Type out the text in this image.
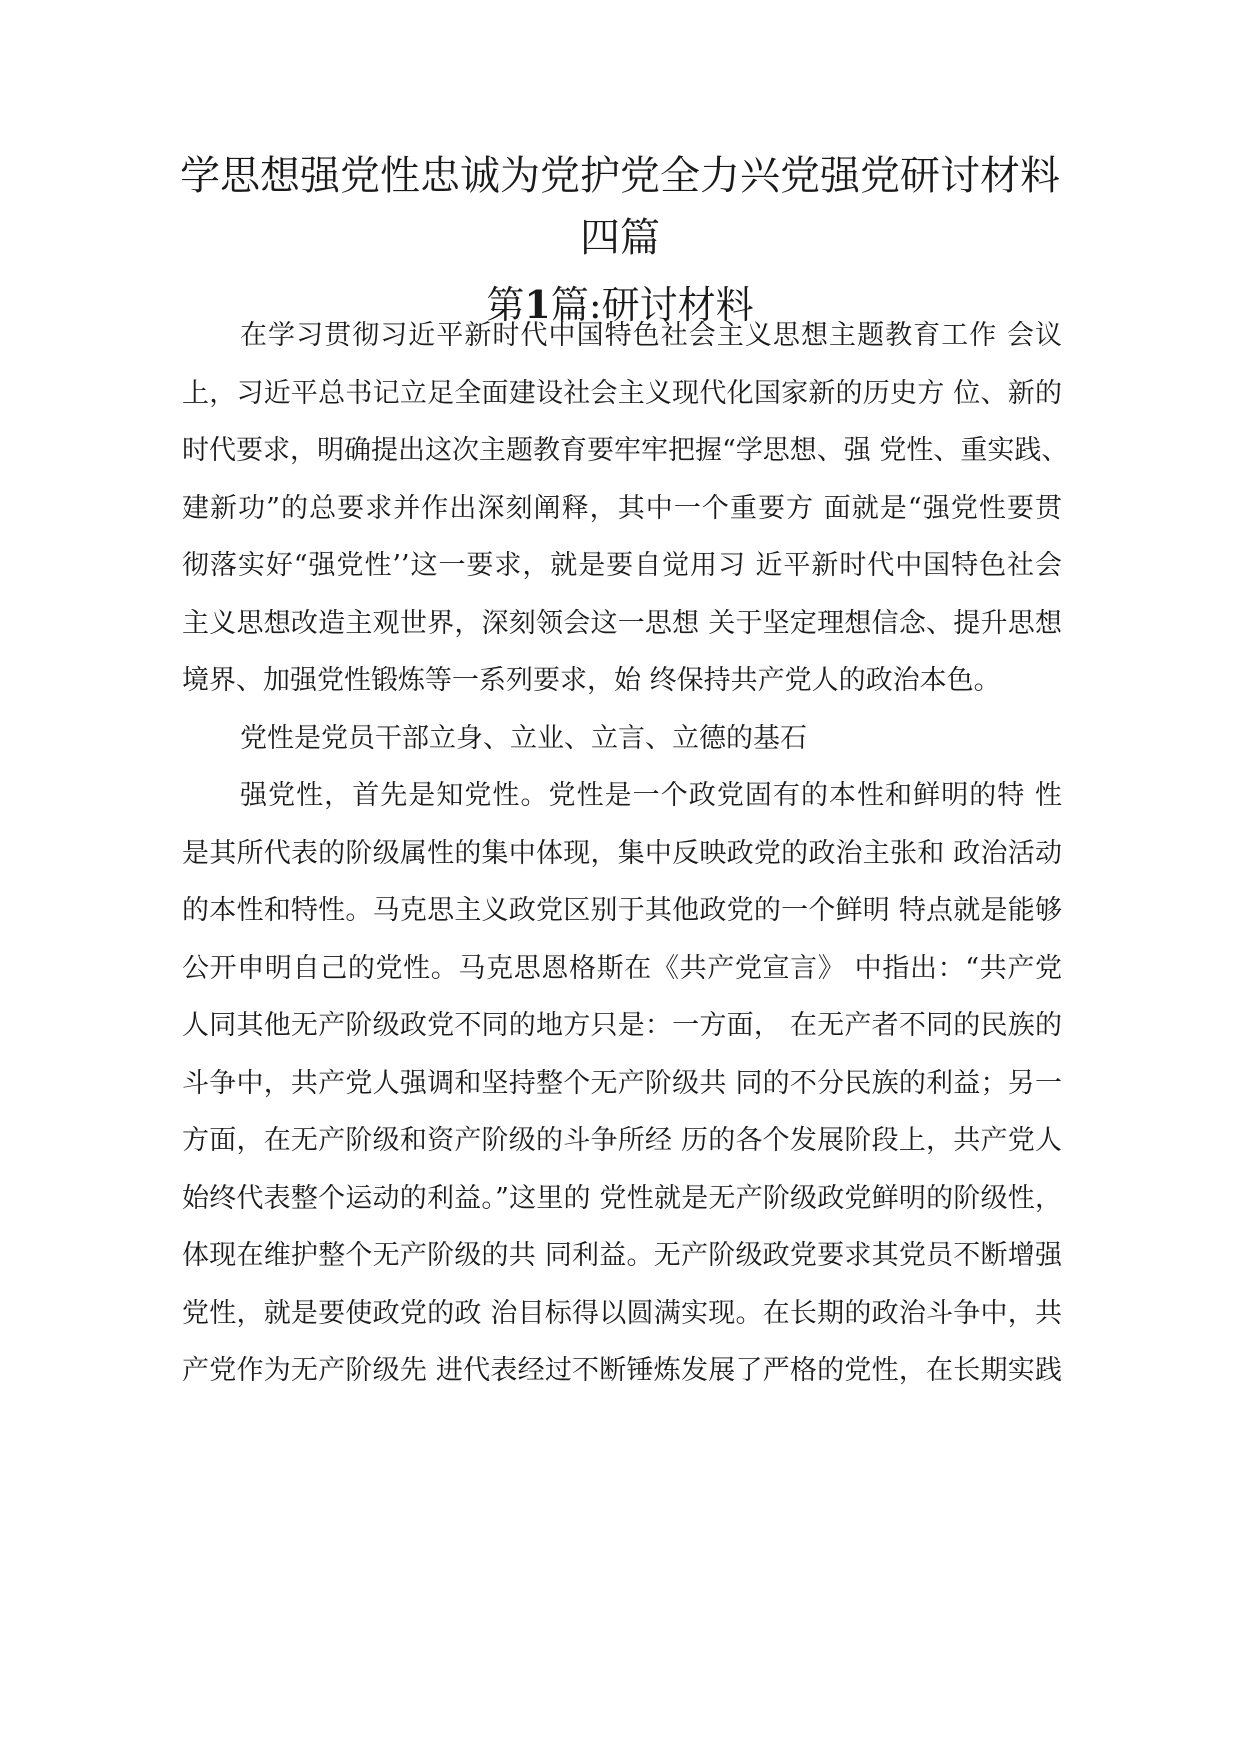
学思想强党性忠诚为党护党全力兴党强党研讨材料
四篇
第1篇:研讨材料

在学习贯彻习近平新时代中国特色社会主义思想主题教育工作 会议

上，习近平总书记立足全面建设社会主义现代化国家新的历史方 位、新的

时代要求，明确提出这次主题教育要牢牢把握“学思想、强 党性、重实践、

建新功”的总要求并作出深刻阐释，其中一个重要方 面就是“强党性要贯

彻落实好“强党性’’这一要求，就是要自觉用习 近平新时代中国特色社会

主义思想改造主观世界，深刻领会这一思想 关于坚定理想信念、提升思想

境界、加强党性锻炼等一系列要求，始 终保持共产党人的政治本色。

党性是党员干部立身、立业、立言、立德的基石

强党性，首先是知党性。党性是一个政党固有的本性和鲜明的特 性

是其所代表的阶级属性的集中体现，集中反映政党的政治主张和 政治活动

的本性和特性。马克思主义政党区别于其他政党的一个鲜明 特点就是能够

公开申明自己的党性。马克思恩格斯在《共产党宣言》 中指出：“共产党

人同其他无产阶级政党不同的地方只是：一方面， 在无产者不同的民族的

斗争中，共产党人强调和坚持整个无产阶级共 同的不分民族的利益；另一

方面，在无产阶级和资产阶级的斗争所经 历的各个发展阶段上，共产党人

始终代表整个运动的利益。”这里的 党性就是无产阶级政党鲜明的阶级性，

体现在维护整个无产阶级的共 同利益。无产阶级政党要求其党员不断增强

党性，就是要使政党的政 治目标得以圆满实现。在长期的政治斗争中，共

产党作为无产阶级先 进代表经过不断锤炼发展了严格的党性，在长期实践
